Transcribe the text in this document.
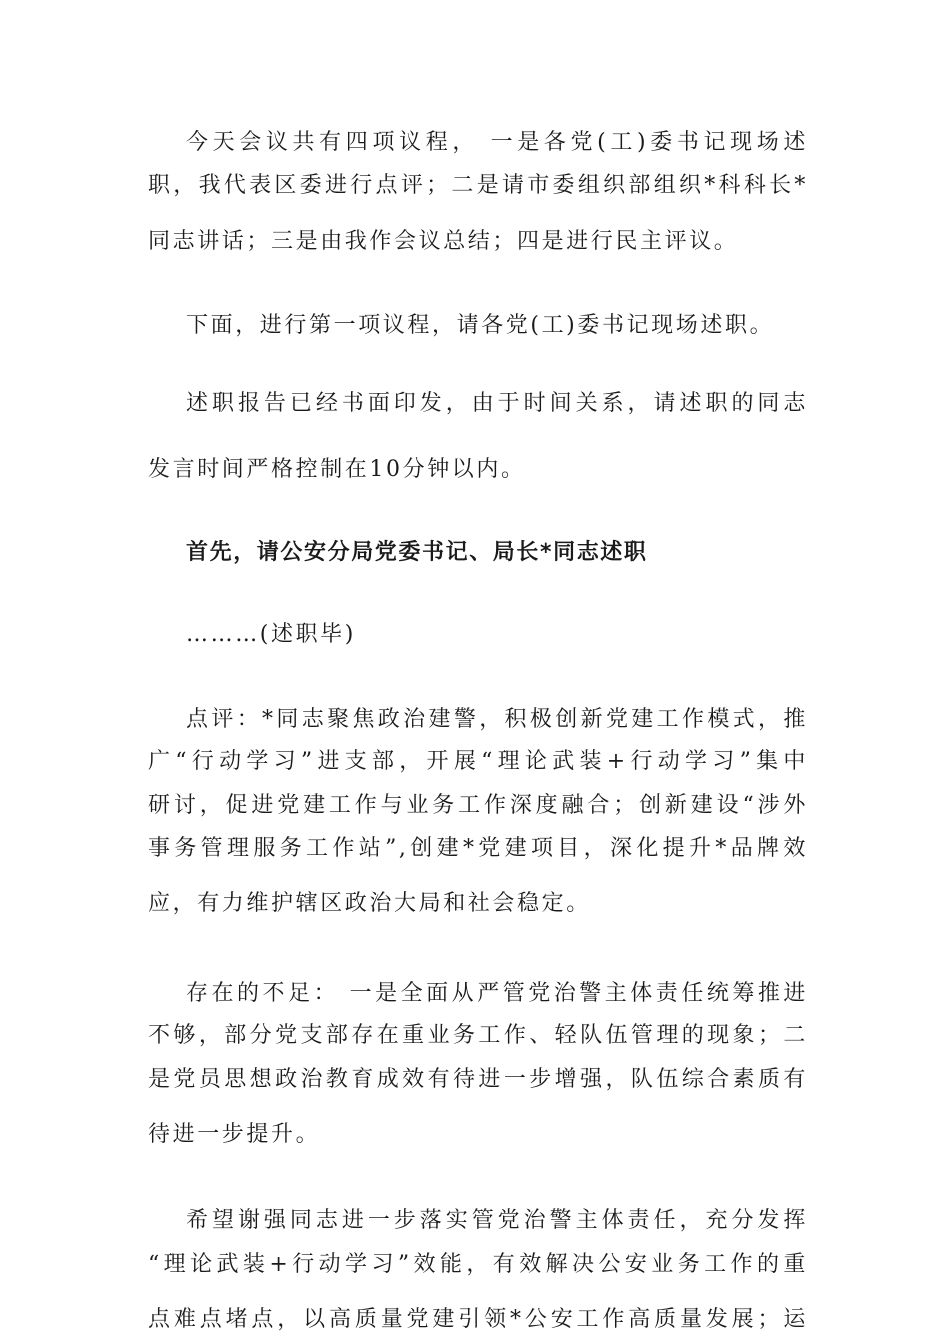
今天会议共有四项议程， 一是各党(工)委书记现场述
职，我代表区委进行点评；二是请市委组织部组织*科科长*
同志讲话；三是由我作会议总结；四是进行民主评议。
下面，进行第一项议程，请各党(工)委书记现场述职。
述职报告已经书面印发，由于时间关系，请述职的同志
发言时间严格控制在10分钟以内。
首先，请公安分局党委书记、局长*同志述职
………(述职毕)
点评：*同志聚焦政治建警，积极创新党建工作模式，推
广“行动学习”进支部，开展“理论武装+行动学习”集中
研讨，促进党建工作与业务工作深度融合；创新建设“涉外
事务管理服务工作站”,创建*党建项目，深化提升*品牌效
应，有力维护辖区政治大局和社会稳定。
存在的不足： 一是全面从严管党治警主体责任统筹推进
不够，部分党支部存在重业务工作、轻队伍管理的现象；二
是党员思想政治教育成效有待进一步增强，队伍综合素质有
待进一步提升。
希望谢强同志进一步落实管党治警主体责任，充分发挥
“理论武装+行动学习”效能，有效解决公安业务工作的重
点难点堵点，以高质量党建引领*公安工作高质量发展；运
